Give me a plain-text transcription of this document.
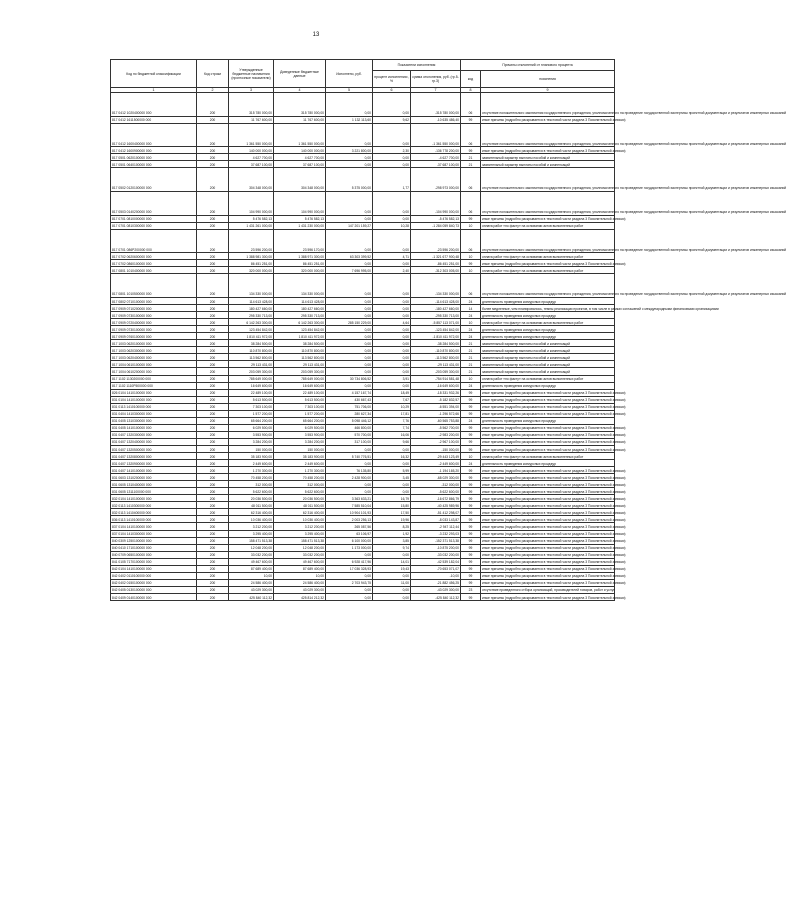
13
Код по бюджетной классификации	Код строки	Утвержденные бюджетные назначения (прогнозные показатели)	Доведенные бюджетные данные	Исполнено, руб.	Показатели исполнения		Причины отклонений от планового процента	
					процент исполнения¹, %	сумма отклонения, руб. (гр.5-гр.3)	код	пояснения
1	2	3	4	5	6	7	8	9
817 0412 1020400000 000	200	315 780 000,00	315 780 000,00	0,00	0,00	-315 780 000,00	06	отсутствие положительного заключения государственного учреждения, уполномоченного на проведение государственной экспертизы проектной документации и результатов инженерных изысканий
817 0412 1611500000 000	200	11 767 600,00	11 767 600,00	1 132 113,60	9,62	-10 635 486,40	99	иные причины (подробно раскрывается в текстовой части раздела 3 Пояснительной записки)
817 0412 1600400000 000	200	1 361 550 000,00	1 361 550 000,00	0,00	0,00	-1 361 550 000,00	06	отсутствие положительного заключения государственного учреждения, уполномоченного на проведение государственной экспертизы проектной документации и результатов инженерных изысканий
817 0412 1600900000 000	200	140 000 000,00	140 000 000,00	3 221 800,00	2,30	-136 778 200,00	99	иные причины (подробно раскрывается в текстовой части раздела 3 Пояснительной записки)
817 0501 0620100000 000	200	4 627 700,00	4 627 700,00	0,00	0,00	-4 627 700,00	21	заявительный характер выплаты пособий и компенсаций
817 0501 0640100000 000	200	37 687 100,00	37 687 100,00	0,00	0,00	-37 687 100,00	21	заявительный характер выплаты пособий и компенсаций
817 0502 0120100000 000	200	304 348 000,00	304 348 000,00	5 375 000,00	1,77	-298 973 000,00	06	отсутствие положительного заключения государственного учреждения, уполномоченного на проведение государственной экспертизы проектной документации и результатов инженерных изысканий
817 0503 0140200000 000	200	104 990 000,00	104 990 000,00	0,00	0,00	-104 990 000,00	06	отсутствие положительного заключения государственного учреждения, уполномоченного на проведение государственной экспертизы проектной документации и результатов инженерных изысканий
817 0701 0810000000 000	200	5 476 582,13	5 476 582,13	0,00	0,00	-5 476 582,13	99	иные причины (подробно раскрывается в текстовой части раздела 3 Пояснительной записки)
817 0701 0810300000 000	200	1 431 261 000,00	1 431 230 000,00	147 201 159,27	10,28	-1 284 059 840,73	10	оплата работ «по факту» на основании актов выполненных работ
817 0701 086P200000 000	200	23 596 200,00	23 596 170,00	0,00	0,00	-23 596 200,00	06	отсутствие положительного заключения государственного учреждения, уполномоченного на проведение государственной экспертизы проектной документации и результатов инженерных изысканий
817 0702 0620600000 000	200	1 388 981 300,00	1 388 971 300,00	63 303 399,52	4,71	-1 321 677 900,48	10	оплата работ «по факту» на основании актов выполненных работ
817 0702 0860100000 000	200	86 451 251,00	86 451 251,00	0,00	0,00	-86 451 251,00	99	иные причины (подробно раскрывается в текстовой части раздела 3 Пояснительной записки)
817 0801 1010400000 000	200	320 000 000,00	320 000 000,00	7 696 995,00	2,40	-312 303 005,00	10	оплата работ «по факту» на основании актов выполненных работ
817 0801 1010500000 000	200	134 330 000,00	134 330 000,00	0,00	0,00	-134 330 000,00	06	отсутствие положительного заключения государственного учреждения, уполномоченного на проведение государственной экспертизы проектной документации и результатов инженерных изысканий
817 0802 0710100000 000	200	114 613 428,00	114 613 428,00	0,00	0,00	-114 613 428,00	24	длительность проведения конкурсных процедур
817 0909 0710200000 000	200	180 427 660,00	180 427 660,00	0,00	0,00	-180 427 660,00	14	более медленные, чем планировалось, темпы реализации проектов, в том числе в рамках соглашений с международными финансовыми организациями
817 0909 0730100000 000	200	295 330 713,00	295 330 713,00	0,00	0,00	-295 330 713,00	24	длительность проведения конкурсных процедур
817 0909 0720400000 000	200	6 142 263 300,00	6 142 263 300,00	285 150 229,00	4,64	-5 857 113 071,00	10	оплата работ «по факту» на основании актов выполненных работ
817 0909 0730100000 000	200	123 454 842,00	123 454 842,00	0,00	0,00	-123 454 842,00	24	длительность проведения конкурсных процедур
817 0909 0760100000 000	200	1 810 411 972,00	1 810 411 972,00	0,00	0,00	-1 810 411 972,00	24	длительность проведения конкурсных процедур
817 1003 0620100000 000	200	38 284 500,00	38 284 500,00	0,00	0,00	-38 284 500,00	21	заявительный характер выплаты пособий и компенсаций
817 1003 0620300000 000	200	110 870 800,00	110 870 800,00	0,00	0,00	-110 870 800,00	21	заявительный характер выплаты пособий и компенсаций
817 1003 0620400000 000	200	113 562 800,00	113 562 800,00	0,00	0,00	-113 562 800,00	21	заявительный характер выплаты пособий и компенсаций
817 1004 0610100000 000	200	29 113 431,00	29 113 431,00	0,00	0,00	-29 113 431,00	21	заявительный характер выплаты пособий и компенсаций
817 1004 0610200000 000	200	203 059 300,00	203 059 300,00	0,00	0,00	-203 059 300,00	21	заявительный характер выплаты пособий и компенсаций
817 1102 1130200000 000	200	785 649 000,00	785 649 000,00	30 734 806,52	3,91	-754 914 581,48	10	оплата работ «по факту» на основании актов выполненных работ
817 1102 1110P500000 000	200	16 649 600,00	16 649 600,00	0,00	0,00	-16 649 600,00	24	длительность проведения конкурсных процедур
826 0104 1410100000 000	200	22 489 100,00	22 489 100,00	4 157 167,74	18,49	-18 331 932,26	99	иные причины (подробно раскрывается в текстовой части раздела 3 Пояснительной записки)
831 0104 1410100000 000	200	5 613 500,00	5 613 500,00	430 667,43	7,67	-5 182 832,57	99	иные причины (подробно раскрывается в текстовой части раздела 3 Пояснительной записки)
831 0113 1410100000 000	200	7 303 100,00	7 303 100,00	751 706,00	10,29	-6 551 394,00	99	иные причины (подробно раскрывается в текстовой части раздела 3 Пояснительной записки)
831 0404 1410300000 000	200	1 577 200,00	1 577 200,00	280 627,34	17,81	-1 296 572,66	99	иные причины (подробно раскрывается в текстовой части раздела 3 Пояснительной записки)
831 0405 1310300000 000	200	65 664 200,00	65 664 200,00	5 098 446,12	7,76	-60 565 753,88	24	длительность проведения конкурсных процедур
831 0405 1410100000 000	200	6 029 500,00	6 029 500,00	466 800,00	7,74	-5 562 700,00	99	иные причины (подробно раскрывается в текстовой части раздела 3 Пояснительной записки)
831 0407 1320300000 000	200	3 553 900,00	3 553 900,00	570 700,00	16,06	-2 983 200,00	99	иные причины (подробно раскрывается в текстовой части раздела 3 Пояснительной записки)
831 0407 1320400000 000	200	3 284 200,00	3 284 200,00	317 100,00	9,66	-2 967 100,00	99	иные причины (подробно раскрывается в текстовой части раздела 3 Пояснительной записки)
831 0407 1320500000 000	200	150 000,00	150 000,00	0,00	0,00	-150 000,00	99	иные причины (подробно раскрывается в текстовой части раздела 3 Пояснительной записки)
831 0407 1320800000 000	200	35 183 900,00	35 183 900,00	5 740 776,51	16,32	-29 443 123,49	10	оплата работ «по факту» на основании актов выполненных работ
831 0407 1320900000 000	200	2 449 600,00	2 449 600,00	0,00	0,00	-2 449 600,00	24	длительность проведения конкурсных процедур
831 0407 1410100000 000	200	1 270 300,00	1 270 300,00	76 135,80	5,99	-1 194 165,20	99	иные причины (подробно раскрывается в текстовой части раздела 3 Пояснительной записки)
831 0603 1310200000 000	200	70 458 200,00	70 458 200,00	2 428 900,00	3,45	-68 029 300,00	99	иные причины (подробно раскрывается в текстовой части раздела 3 Пояснительной записки)
831 0605 1310400000 000	200	312 000,00	312 000,00	0,00	0,00	-312 000,00	99	иные причины (подробно раскрывается в текстовой части раздела 3 Пояснительной записки)
831 0605 1311100000 000	200	5 622 600,00	5 622 600,00	0,00	0,00	-5 622 600,00	99	иные причины (подробно раскрывается в текстовой части раздела 3 Пояснительной записки)
832 0104 1410100000 000	200	20 036 500,00	20 036 500,00	3 363 633,21	16,79	-16 672 866,79	99	иные причины (подробно раскрывается в текстовой части раздела 3 Пояснительной записки)
832 0113 1410300000 000	200	48 011 500,00	48 011 500,00	7 585 510,04	15,80	-40 425 989,96	99	иные причины (подробно раскрывается в текстовой части раздела 3 Пояснительной записки)
832 0113 1410400000 000	200	62 316 400,00	62 316 400,00	10 904 101,93	17,50	-51 412 298,07	99	иные причины (подробно раскрывается в текстовой части раздела 3 Пояснительной записки)
836 0113 1410100000 000	200	10 036 400,00	10 036 400,00	2 003 256,13	19,96	-8 033 143,87	99	иные причины (подробно раскрывается в текстовой части раздела 3 Пояснительной записки)
837 0104 1410100000 000	200	3 212 200,00	3 212 200,00	265 087,56	8,25	-2 947 112,44	99	иные причины (подробно раскрывается в текстовой части раздела 3 Пояснительной записки)
837 0104 1410300000 000	200	3 295 400,00	3 295 400,00	63 106,97	1,92	-3 232 293,03	99	иные причины (подробно раскрывается в текстовой части раздела 3 Пояснительной записки)
840 0309 1250100000 000	200	158 471 513,38	158 471 513,38	6 100 000,00	3,85	-152 371 513,38	99	иные причины (подробно раскрывается в текстовой части раздела 3 Пояснительной записки)
840 0410 1710100000 000	200	12 048 200,00	12 048 200,00	1 173 000,00	9,74	-10 875 200,00	99	иные причины (подробно раскрывается в текстовой части раздела 3 Пояснительной записки)
840 0709 0650100000 000	200	33 032 200,00	33 032 200,00	0,00	0,00	-33 032 200,00	99	иные причины (подробно раскрывается в текстовой части раздела 3 Пояснительной записки)
841 0105 7170100000 000	200	49 467 600,00	49 467 600,00	6 928 417,96	14,01	-42 539 182,04	99	иные причины (подробно раскрывается в текстовой части раздела 3 Пояснительной записки)
842 0104 1410100000 000	200	87 689 400,00	87 689 400,00	17 036 328,93	19,43	-70 653 071,07	99	иные причины (подробно раскрывается в текстовой части раздела 3 Пояснительной записки)
842 0402 0110100000 000	200	10,00	10,00	0,00	0,00	-10,00	99	иные причины (подробно раскрывается в текстовой части раздела 3 Пояснительной записки)
842 0402 0150100000 000	200	24 586 400,00	24 586 400,00	2 703 943,75	11,00	-21 882 456,25	99	иные причины (подробно раскрывается в текстовой части раздела 3 Пояснительной записки)
842 0405 0130100000 000	200	43 029 300,00	43 029 300,00	0,00	0,00	-43 029 300,00	23	отсутствие проведенного отбора организаций, производителей товаров, работ и услуг
842 0409 0140100000 000	200	425 840 112,32	425 814 212,32	0,00	0,00	-425 840 112,32	99	иные причины (подробно раскрывается в текстовой части раздела 3 Пояснительной записки)
